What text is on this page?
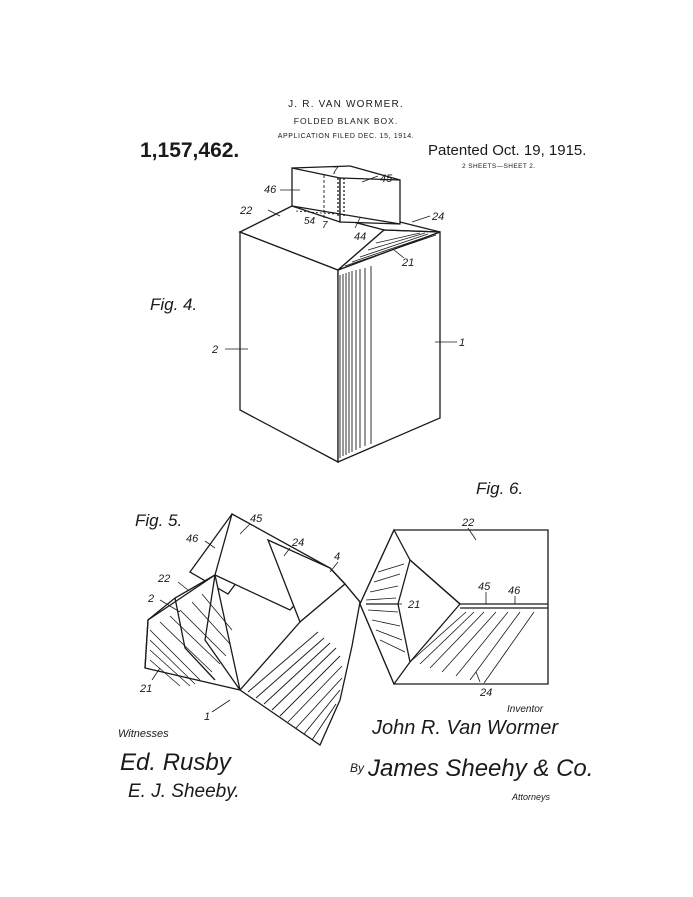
J. R. VAN WORMER.
FOLDED BLANK BOX.
APPLICATION FILED DEC. 15, 1914.
1,157,462.	Patented Oct. 19, 1915.
2 SHEETS—SHEET 2.
7
45
46
22
54 7
44
24
21
2
1
Fig. 4.
45
46	24
4
22
2
21
1
Fig. 5.	22
45 46
21
24
Fig. 6.
Witnesses
Ed. Rusby
E. J. Sheeby.
Inventor
John R. Van Wormer
By James Sheehy & Co.
Attorneys
